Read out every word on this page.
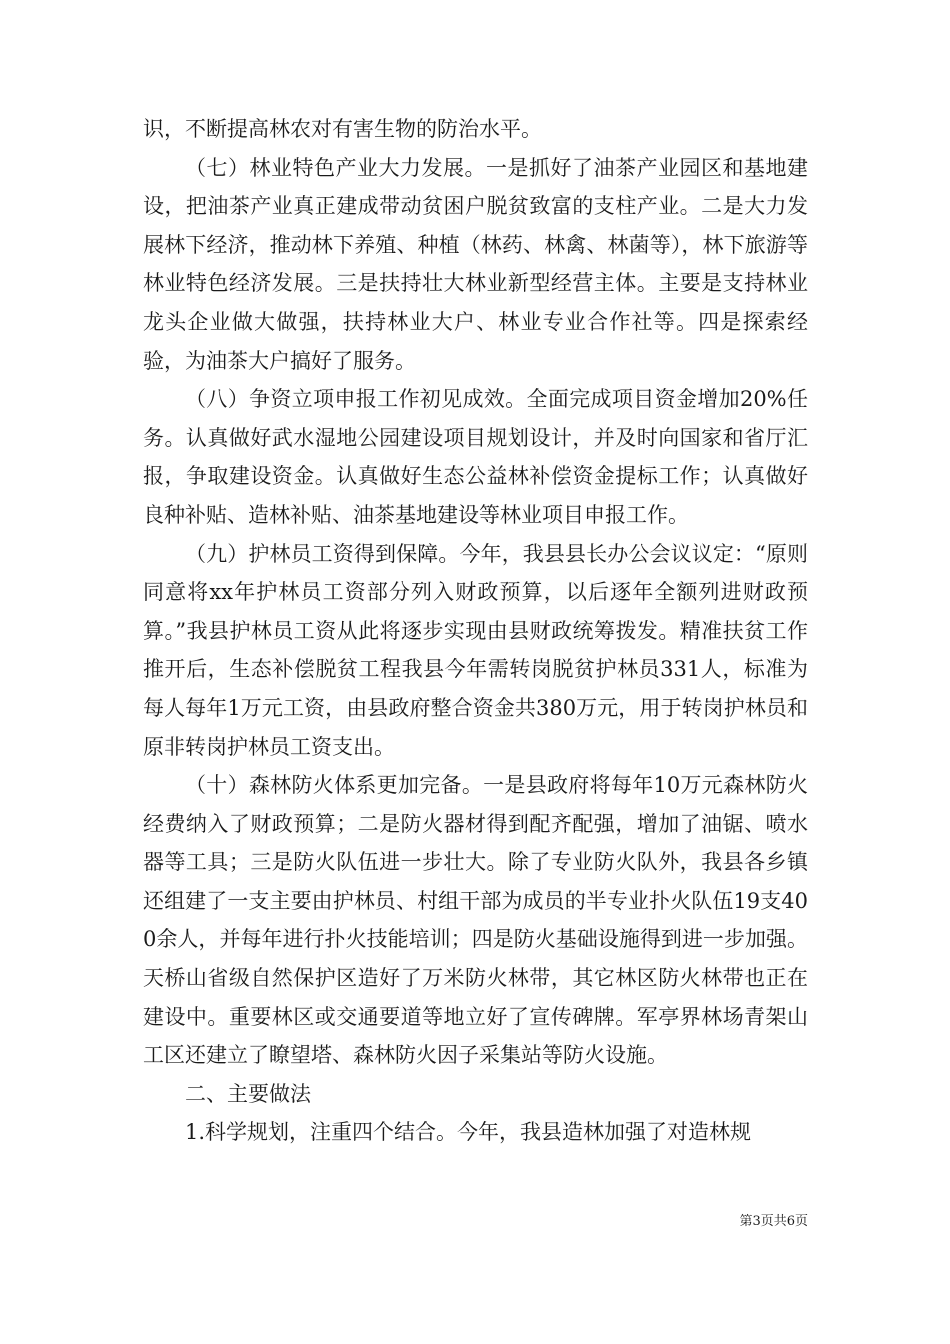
识，不断提高林农对有害生物的防治水平。

（七）林业特色产业大力发展。一是抓好了油茶产业园区和基地建设，把油茶产业真正建成带动贫困户脱贫致富的支柱产业。二是大力发展林下经济，推动林下养殖、种植（林药、林禽、林菌等），林下旅游等林业特色经济发展。三是扶持壮大林业新型经营主体。主要是支持林业龙头企业做大做强，扶持林业大户、林业专业合作社等。四是探索经验，为油茶大户搞好了服务。

（八）争资立项申报工作初见成效。全面完成项目资金增加20%任务。认真做好武水湿地公园建设项目规划设计，并及时向国家和省厅汇报，争取建设资金。认真做好生态公益林补偿资金提标工作；认真做好良种补贴、造林补贴、油茶基地建设等林业项目申报工作。

（九）护林员工资得到保障。今年，我县县长办公会议议定：“原则同意将xx年护林员工资部分列入财政预算，以后逐年全额列进财政预算。”我县护林员工资从此将逐步实现由县财政统筹拨发。精准扶贫工作推开后，生态补偿脱贫工程我县今年需转岗脱贫护林员331人，标准为每人每年1万元工资，由县政府整合资金共380万元，用于转岗护林员和原非转岗护林员工资支出。

（十）森林防火体系更加完备。一是县政府将每年10万元森林防火经费纳入了财政预算；二是防火器材得到配齐配强，增加了油锯、喷水器等工具；三是防火队伍进一步壮大。除了专业防火队外，我县各乡镇还组建了一支主要由护林员、村组干部为成员的半专业扑火队伍19支400余人，并每年进行扑火技能培训；四是防火基础设施得到进一步加强。天桥山省级自然保护区造好了万米防火林带，其它林区防火林带也正在建设中。重要林区或交通要道等地立好了宣传碑牌。军亭界林场青架山工区还建立了瞭望塔、森林防火因子采集站等防火设施。

二、主要做法

1.科学规划，注重四个结合。今年，我县造林加强了对造林规

第3页共6页
